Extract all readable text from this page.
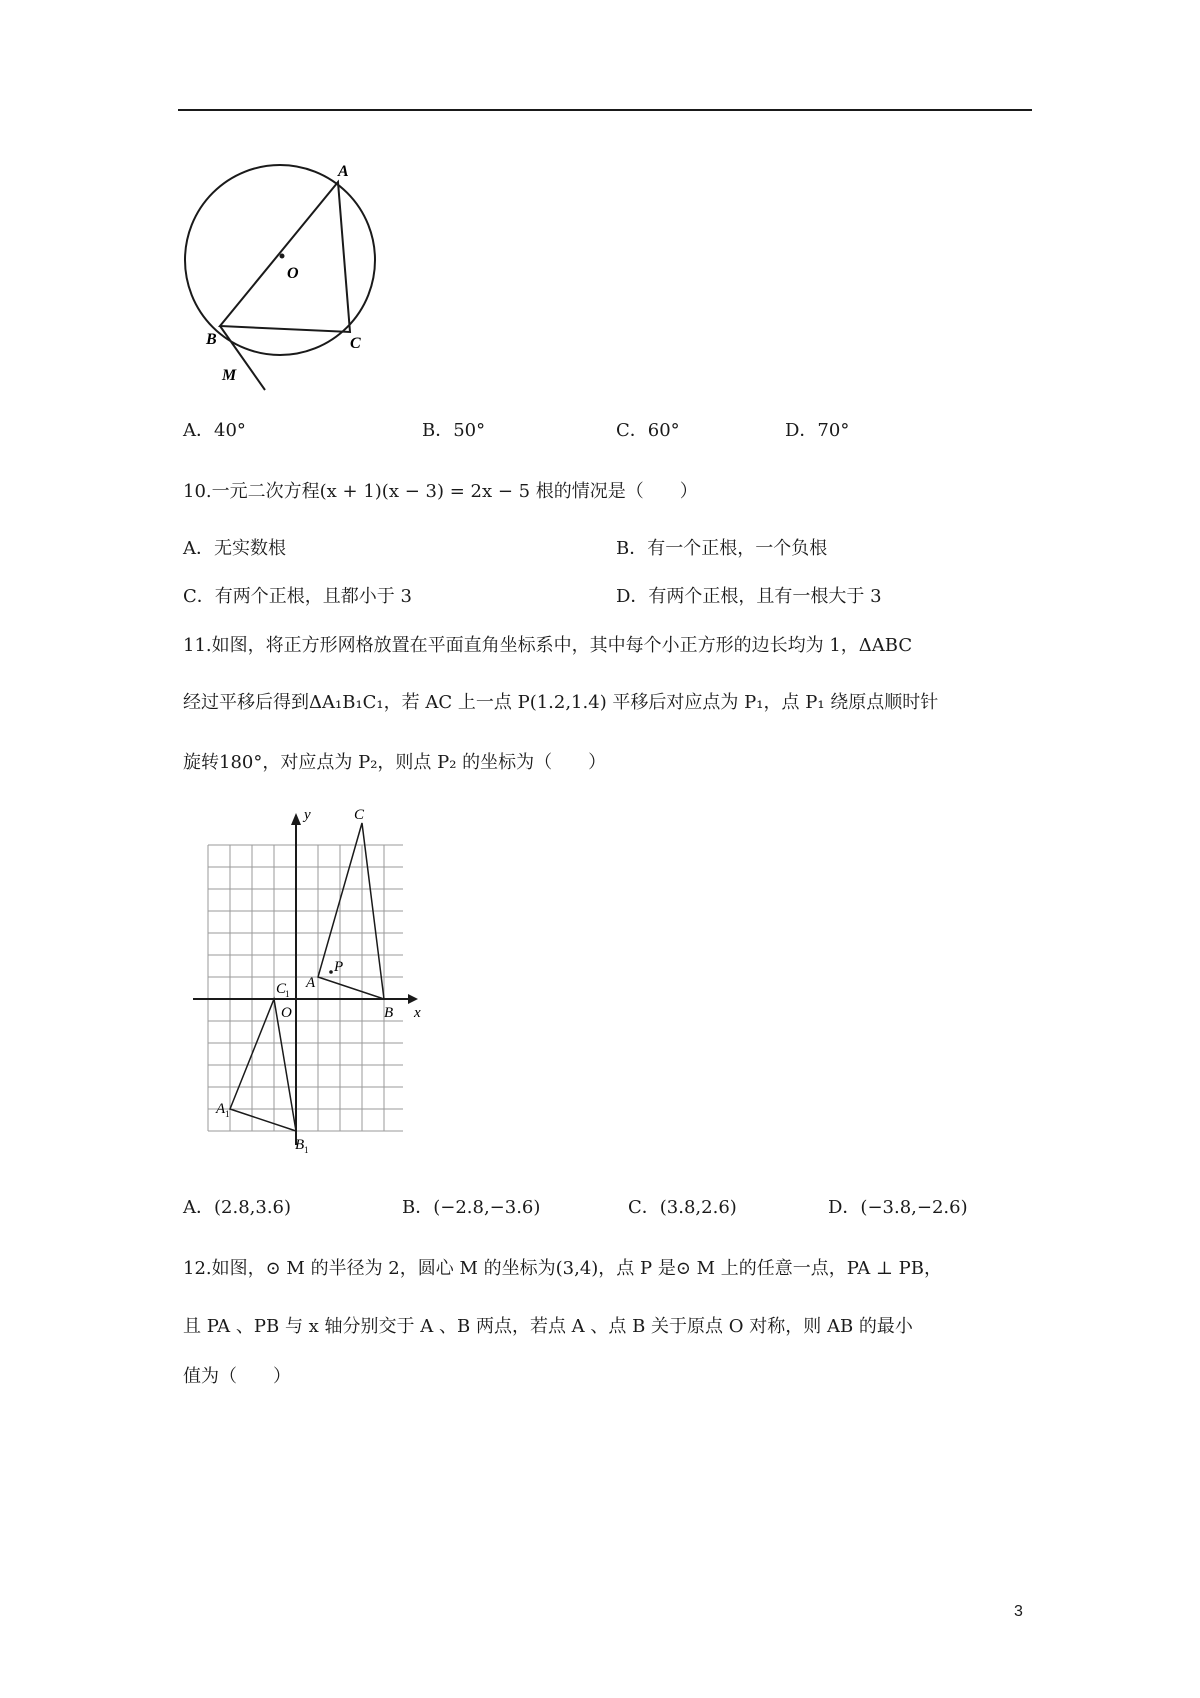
A
O
B	C
M
A．40°	B．50°	C．60°	D．70°
10.一元二次方程(x + 1)(x − 3) = 2x − 5 根的情况是（　　）
A．无实数根	B．有一个正根，一个负根
C．有两个正根，且都小于 3	D．有两个正根，且有一根大于 3
11.如图，将正方形网格放置在平面直角坐标系中，其中每个小正方形的边长均为 1，ΔABC
经过平移后得到ΔA₁B₁C₁，若 AC 上一点 P(1.2,1.4) 平移后对应点为 P₁，点 P₁ 绕原点顺时针
旋转180°，对应点为 P₂，则点 P₂ 的坐标为（　　）
y
x
O
C
P
A
B
C
1
A 1
B 1
A．(2.8,3.6)	B．(−2.8,−3.6)	C．(3.8,2.6)	D．(−3.8,−2.6)
12.如图，⊙ M 的半径为 2，圆心 M 的坐标为(3,4)，点 P 是⊙ M 上的任意一点，PA ⊥ PB，
且 PA 、PB 与 x 轴分别交于 A 、B 两点，若点 A 、点 B 关于原点 O 对称，则 AB 的最小
值为（　　）
3
